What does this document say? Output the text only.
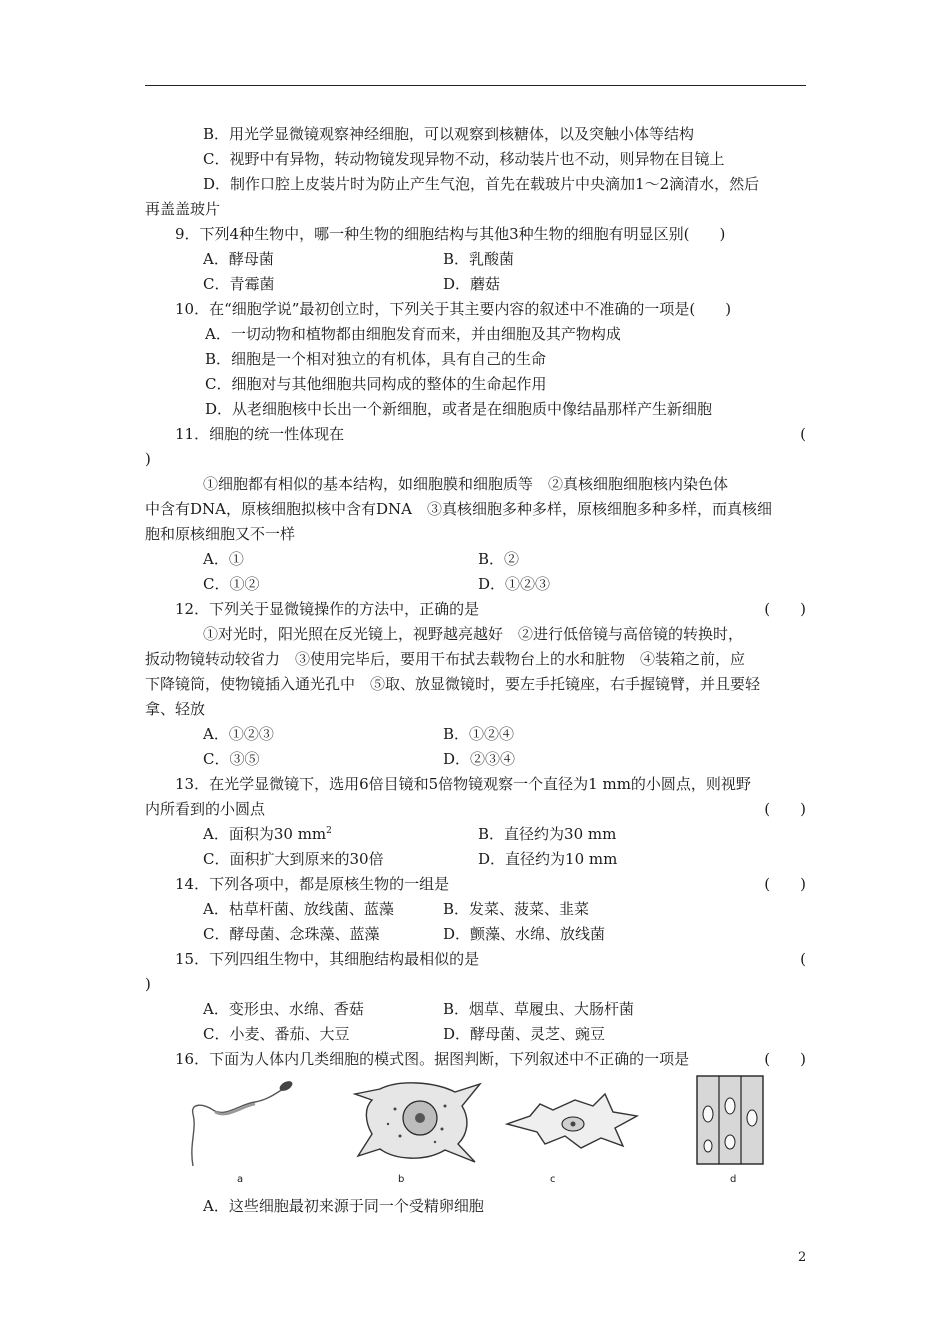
B．用光学显微镜观察神经细胞，可以观察到核糖体，以及突触小体等结构
C．视野中有异物，转动物镜发现异物不动，移动装片也不动，则异物在目镜上
D．制作口腔上皮装片时为防止产生气泡，首先在载玻片中央滴加1～2滴清水，然后
再盖盖玻片
9．下列4种生物中，哪一种生物的细胞结构与其他3种生物的细胞有明显区别(　　)
A．酵母菌	B．乳酸菌
C．青霉菌	D．蘑菇
10．在“细胞学说”最初创立时，下列关于其主要内容的叙述中不准确的一项是(　　)
A．一切动物和植物都由细胞发育而来，并由细胞及其产物构成
B．细胞是一个相对独立的有机体，具有自己的生命
C．细胞对与其他细胞共同构成的整体的生命起作用
D．从老细胞核中长出一个新细胞，或者是在细胞质中像结晶那样产生新细胞
11．细胞的统一性体现在	(
)
①细胞都有相似的基本结构，如细胞膜和细胞质等　②真核细胞细胞核内染色体
中含有DNA，原核细胞拟核中含有DNA　③真核细胞多种多样，原核细胞多种多样，而真核细
胞和原核细胞又不一样
A．①	B．②
C．①②	D．①②③
12．下列关于显微镜操作的方法中，正确的是	(　　)
①对光时，阳光照在反光镜上，视野越亮越好　②进行低倍镜与高倍镜的转换时，
扳动物镜转动较省力　③使用完毕后，要用干布拭去载物台上的水和脏物　④装箱之前，应
下降镜筒，使物镜插入通光孔中　⑤取、放显微镜时，要左手托镜座，右手握镜臂，并且要轻
拿、轻放
A．①②③	B．①②④
C．③⑤	D．②③④
13．在光学显微镜下，选用6倍目镜和5倍物镜观察一个直径为1 mm的小圆点，则视野
内所看到的小圆点	(　　)
A．面积为30 $mm^2$	B．直径约为30 mm
C．面积扩大到原来的30倍	D．直径约为10 mm
14．下列各项中，都是原核生物的一组是	(　　)
A．枯草杆菌、放线菌、蓝藻	B．发菜、菠菜、韭菜
C．酵母菌、念珠藻、蓝藻	D．颤藻、水绵、放线菌
15．下列四组生物中，其细胞结构最相似的是	(
)
A．变形虫、水绵、香菇	B．烟草、草履虫、大肠杆菌
C．小麦、番茄、大豆	D．酵母菌、灵芝、豌豆
16．下面为人体内几类细胞的模式图。据图判断，下列叙述中不正确的一项是	(　　)
a	b	c	d
A．这些细胞最初来源于同一个受精卵细胞
2
